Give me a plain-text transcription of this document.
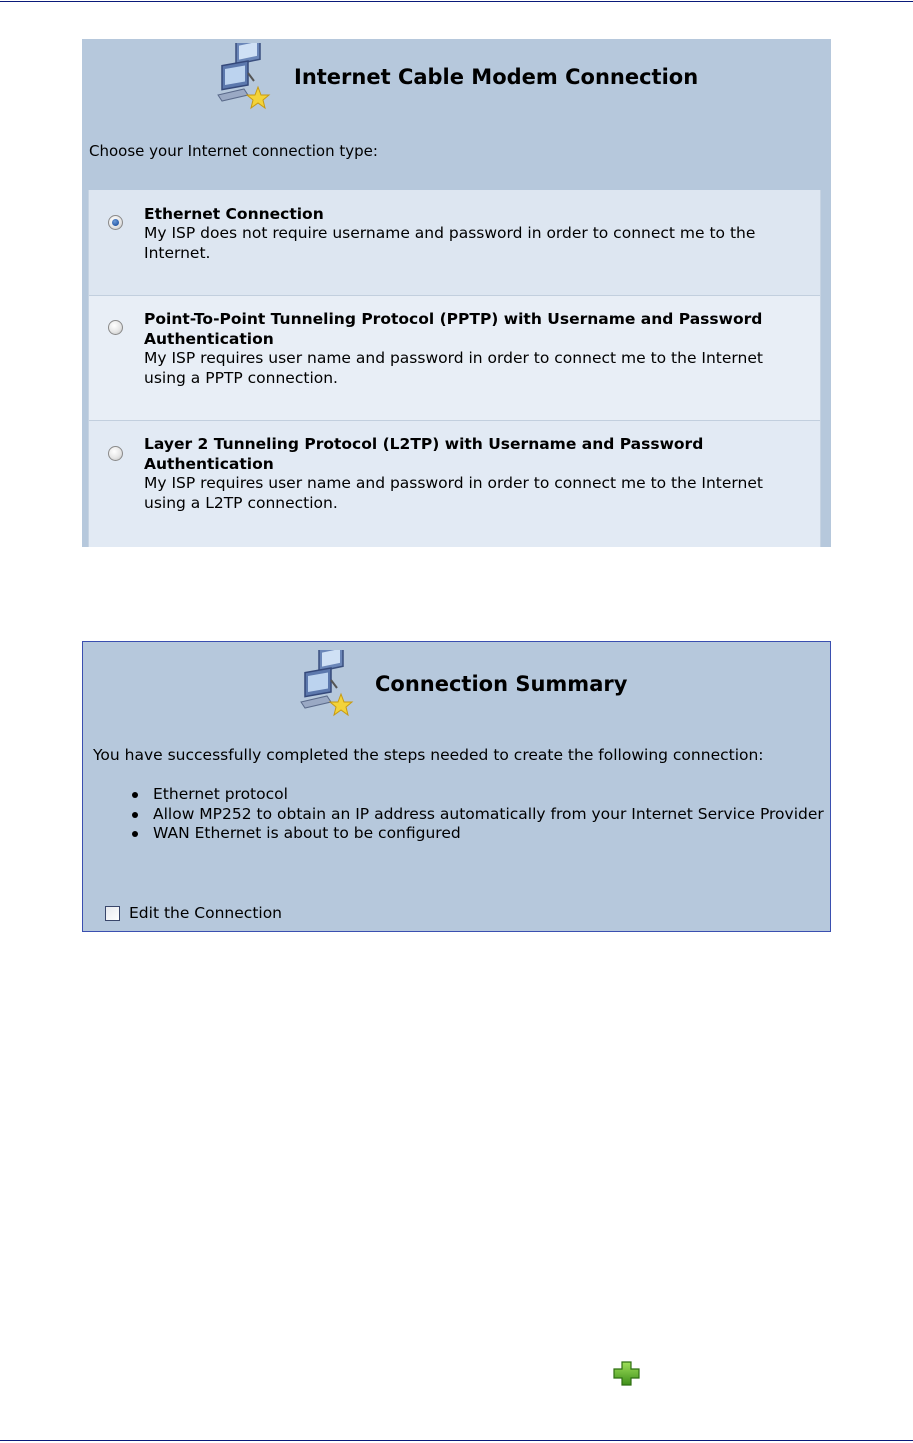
Internet Cable Modem Connection
Choose your Internet connection type:
Ethernet Connection
My ISP does not require username and password in order to connect me to the Internet.
Point-To-Point Tunneling Protocol (PPTP) with Username and Password Authentication
My ISP requires user name and password in order to connect me to the Internet using a PPTP connection.
Layer 2 Tunneling Protocol (L2TP) with Username and Password Authentication
My ISP requires user name and password in order to connect me to the Internet using a L2TP connection.
Connection Summary
You have successfully completed the steps needed to create the following connection:
Ethernet protocol
Allow MP252 to obtain an IP address automatically from your Internet Service Provider
WAN Ethernet is about to be configured
Edit the Connection
